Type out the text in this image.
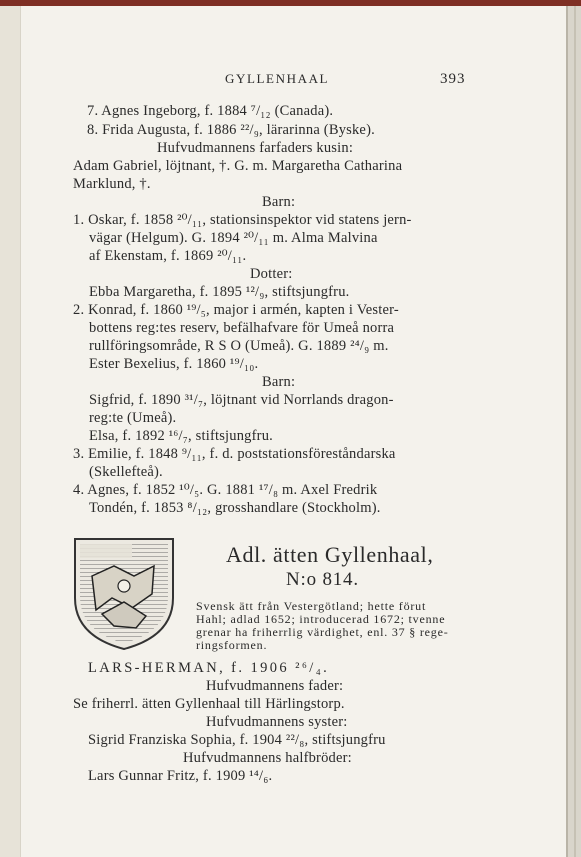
GYLLENHAAL	393
7. Agnes Ingeborg, f. 1884 ⁷/₁₂ (Canada).
8. Frida Augusta, f. 1886 ²²/₉, lärarinna (Byske).
Hufvudmannens farfaders kusin:
Adam Gabriel, löjtnant, †. G. m. Margaretha Catharina
Marklund, †.
Barn:
1. Oskar, f. 1858 ²⁰/₁₁, stationsinspektor vid statens jern-
vägar (Helgum). G. 1894 ²⁰/₁₁ m. Alma Malvina
af Ekenstam, f. 1869 ²⁰/₁₁.
Dotter:
Ebba Margaretha, f. 1895 ¹²/₉, stiftsjungfru.
2. Konrad, f. 1860 ¹⁹/₅, major i armén, kapten i Vester-
bottens reg:tes reserv, befälhafvare för Umeå norra
rullföringsområde, R S O (Umeå). G. 1889 ²⁴/₉ m.
Ester Bexelius, f. 1860 ¹⁹/₁₀.
Barn:
Sigfrid, f. 1890 ³¹/₇, löjtnant vid Norrlands dragon-
reg:te (Umeå).
Elsa, f. 1892 ¹⁶/₇, stiftsjungfru.
3. Emilie, f. 1848 ⁹/₁₁, f. d. poststationsföreståndarska
(Skellefteå).
4. Agnes, f. 1852 ¹⁰/₅. G. 1881 ¹⁷/₈ m. Axel Fredrik
Tondén, f. 1853 ⁸/₁₂, grosshandlare (Stockholm).
Adl. ätten Gyllenhaal,
N:o 814.
Svensk ätt från Vestergötland; hette förut
Hahl; adlad 1652; introducerad 1672; tvenne
grenar ha friherrlig värdighet, enl. 37 § rege-
ringsformen.
LARS-HERMAN, f. 1906 ²⁶/₄.
Hufvudmannens fader:
Se friherrl. ätten Gyllenhaal till Härlingstorp.
Hufvudmannens syster:
Sigrid Franziska Sophia, f. 1904 ²²/₈, stiftsjungfru
Hufvudmannens halfbröder:
Lars Gunnar Fritz, f. 1909 ¹⁴/₆.
